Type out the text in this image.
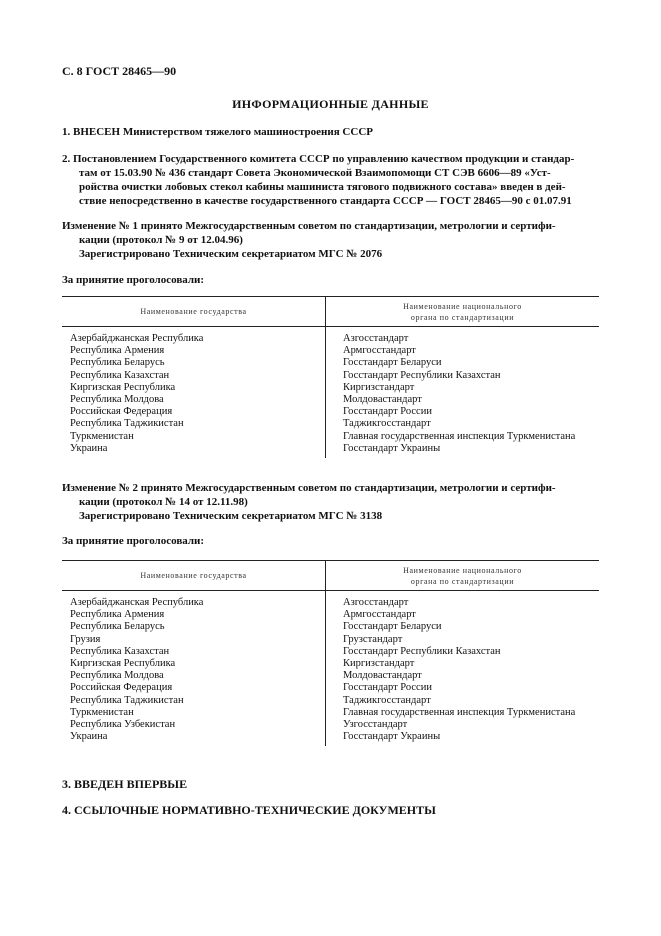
С. 8 ГОСТ 28465—90
ИНФОРМАЦИОННЫЕ ДАННЫЕ
1. ВНЕСЕН Министерством тяжелого машиностроения СССР
2. Постановлением Государственного комитета СССР по управлению качеством продукции и стандар-
там от 15.03.90 № 436 стандарт Совета Экономической Взаимопомощи СТ СЭВ 6606—89 «Уст-
ройства очистки лобовых стекол кабины машиниста тягового подвижного состава» введен в дей-
ствие непосредственно в качестве государственного стандарта СССР — ГОСТ 28465—90 с 01.07.91
Изменение № 1 принято Межгосударственным советом по стандартизации, метрологии и сертифи-
кации (протокол № 9 от 12.04.96)
Зарегистрировано Техническим секретариатом МГС № 2076
За принятие проголосовали:
Наименование государства	Наименование национального
органа по стандартизации

Азербайджанская Республика	Азгосстандарт
Республика Армения	Армгосстандарт
Республика Беларусь	Госстандарт Беларуси
Республика Казахстан	Госстандарт Республики Казахстан
Киргизская Республика	Киргизстандарт
Республика Молдова	Молдовастандарт
Российская Федерация	Госстандарт России
Республика Таджикистан	Таджикгосстандарт
Туркменистан	Главная государственная инспекция Туркменистана
Украина	Госстандарт Украины
Изменение № 2 принято Межгосударственным советом по стандартизации, метрологии и сертифи-
кации (протокол № 14 от 12.11.98)
Зарегистрировано Техническим секретариатом МГС № 3138
За принятие проголосовали:
Наименование государства	Наименование национального
органа по стандартизации

Азербайджанская Республика	Азгосстандарт
Республика Армения	Армгосстандарт
Республика Беларусь	Госстандарт Беларуси
Грузия	Грузстандарт
Республика Казахстан	Госстандарт Республики Казахстан
Киргизская Республика	Киргизстандарт
Республика Молдова	Молдовастандарт
Российская Федерация	Госстандарт России
Республика Таджикистан	Таджикгосстандарт
Туркменистан	Главная государственная инспекция Туркменистана
Республика Узбекистан	Узгосстандарт
Украина	Госстандарт Украины
3. ВВЕДЕН ВПЕРВЫЕ
4. ССЫЛОЧНЫЕ НОРМАТИВНО-ТЕХНИЧЕСКИЕ ДОКУМЕНТЫ
